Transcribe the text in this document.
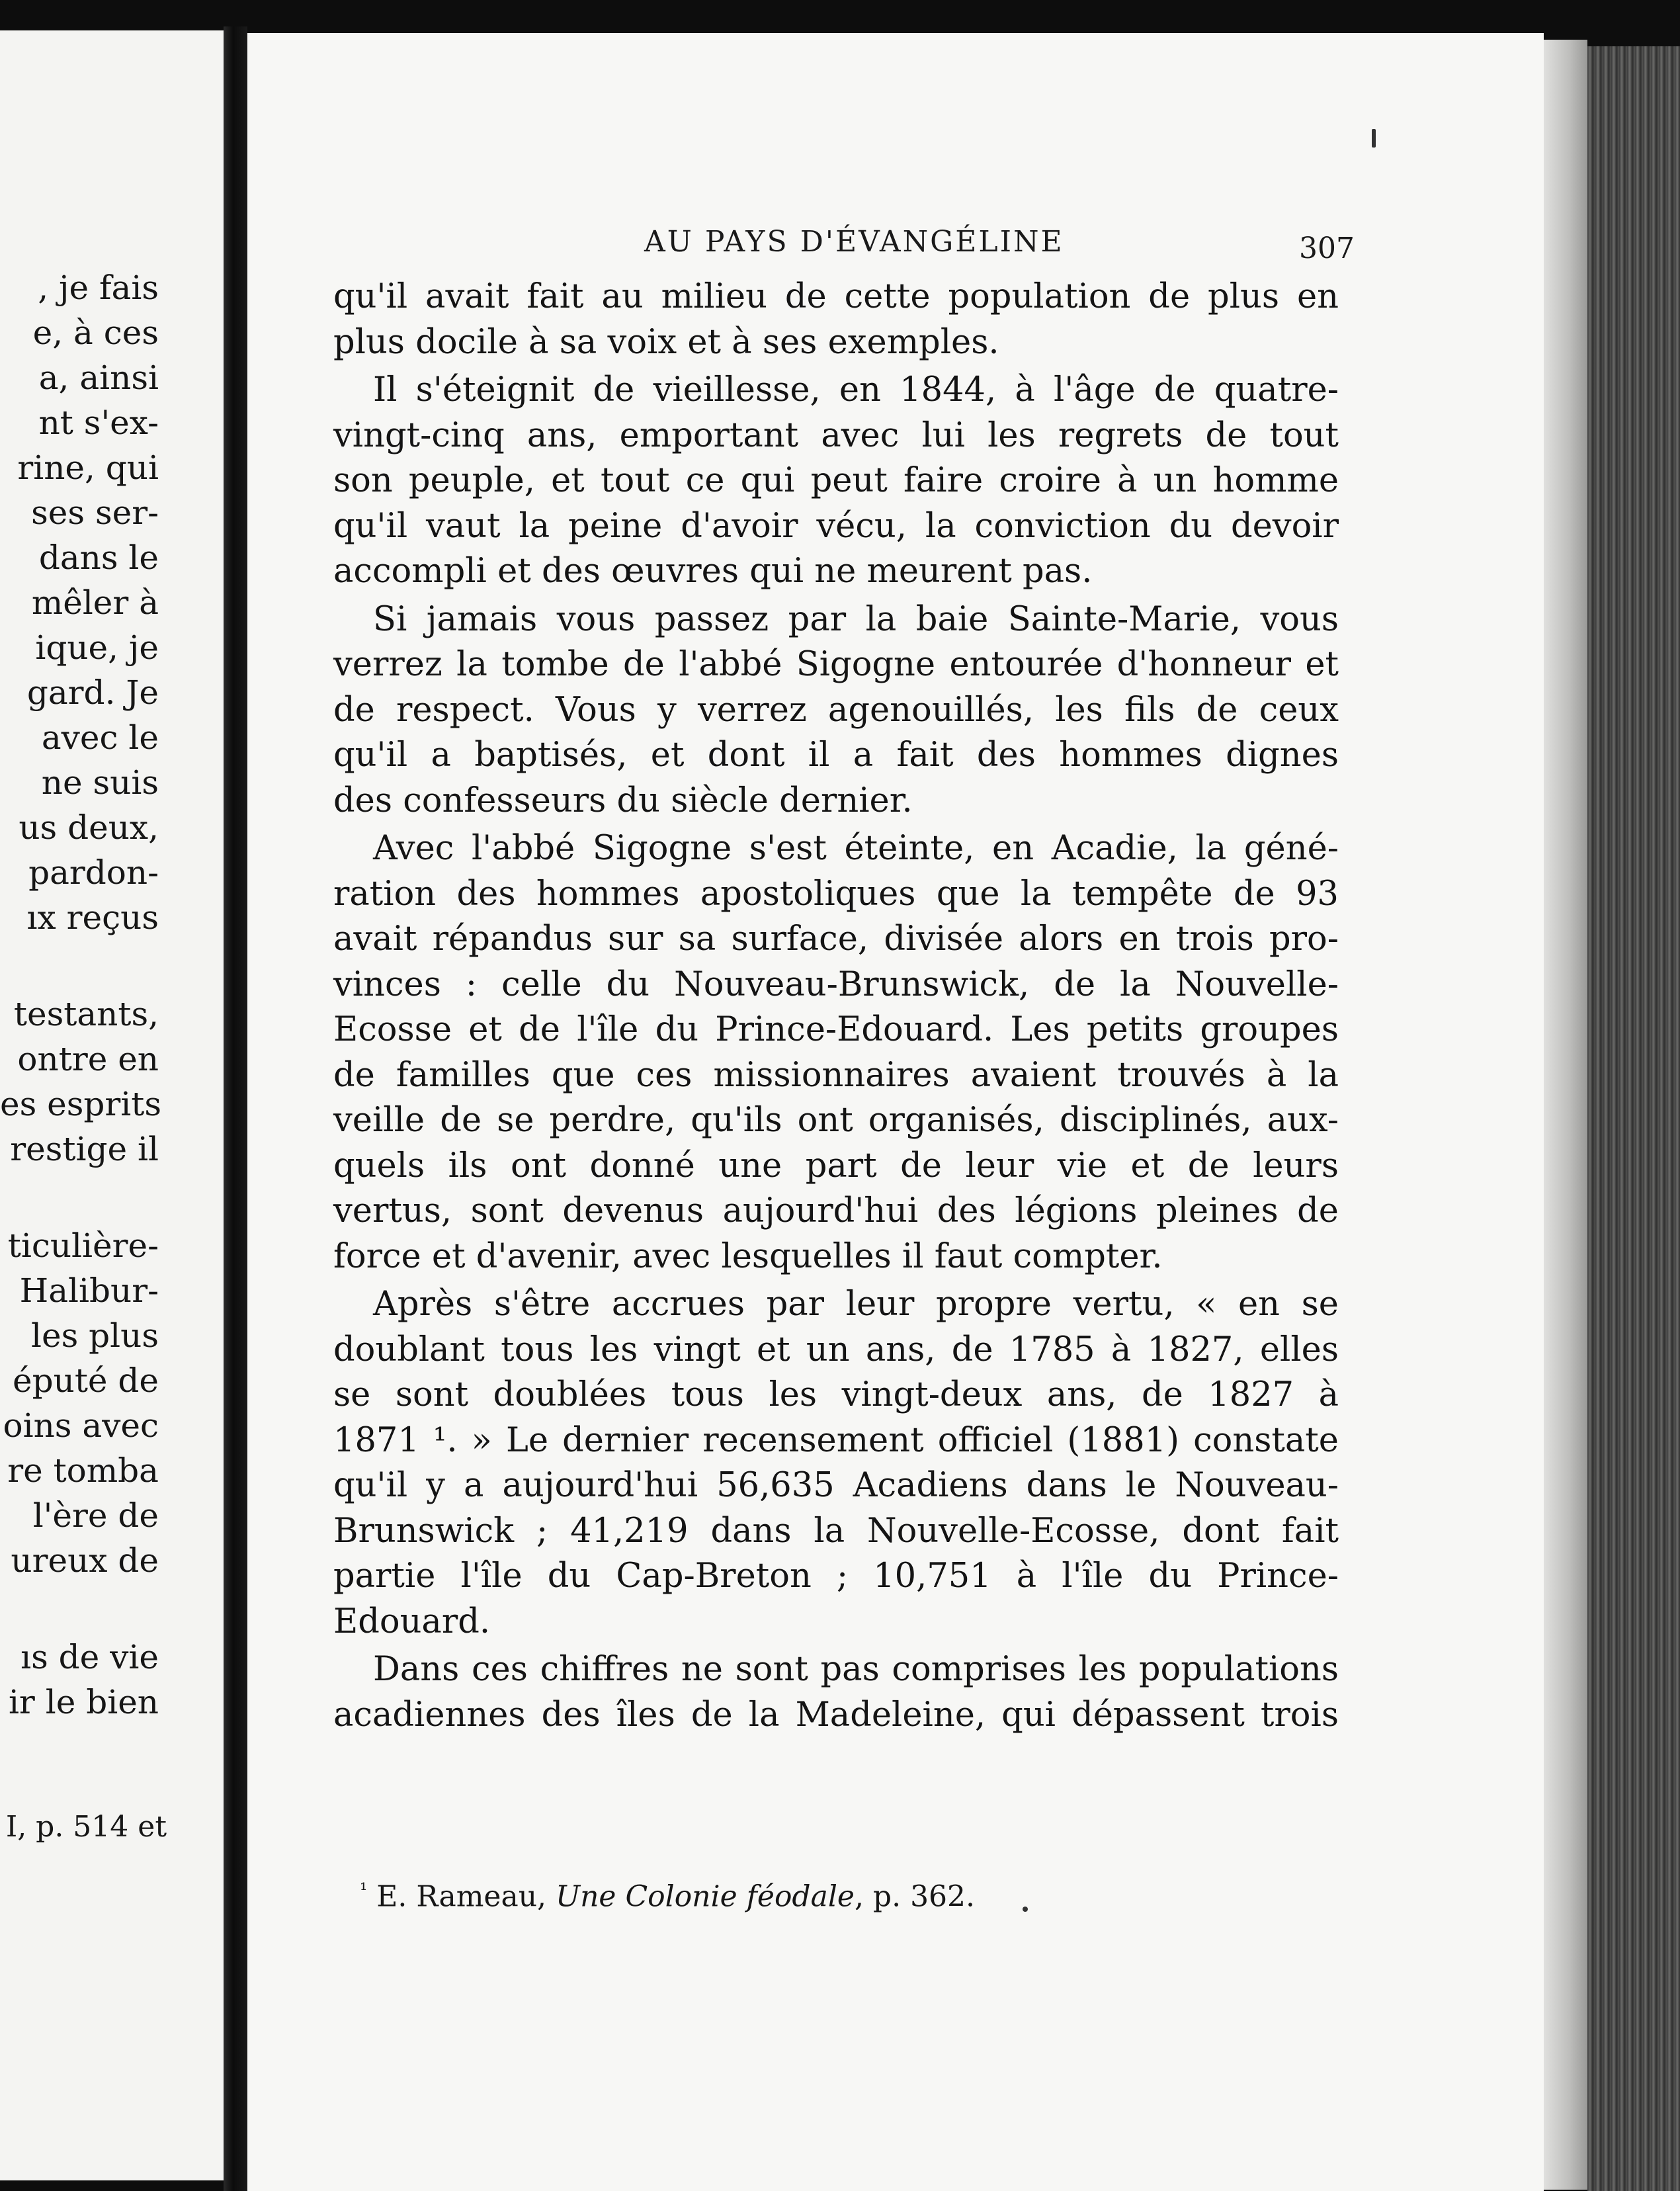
, je fais
e, à ces
a, ainsi
nt s'ex-
rine, qui
ses ser-
dans le
mêler à
ique, je
gard. Je
avec le
ne suis
us deux,
pardon-
ıx reçus
testants,
ontre en
es esprits
restige il
ticulière-
Halibur-
les plus
éputé de
oins avec
re tomba
l'ère de
ureux de
ıs de vie
ir le bien
I, p. 514 et
AU PAYS D'ÉVANGÉLINE	307
qu'il avait fait au milieu de cette population de plus en
plus docile à sa voix et à ses exemples.
Il s'éteignit de vieillesse, en 1844, à l'âge de quatre-
vingt-cinq ans, emportant avec lui les regrets de tout
son peuple, et tout ce qui peut faire croire à un homme
qu'il vaut la peine d'avoir vécu, la conviction du devoir
accompli et des œuvres qui ne meurent pas.
Si jamais vous passez par la baie Sainte-Marie, vous
verrez la tombe de l'abbé Sigogne entourée d'honneur et
de respect. Vous y verrez agenouillés, les fils de ceux
qu'il a baptisés, et dont il a fait des hommes dignes
des confesseurs du siècle dernier.
Avec l'abbé Sigogne s'est éteinte, en Acadie, la géné-
ration des hommes apostoliques que la tempête de 93
avait répandus sur sa surface, divisée alors en trois pro-
vinces : celle du Nouveau-Brunswick, de la Nouvelle-
Ecosse et de l'île du Prince-Edouard. Les petits groupes
de familles que ces missionnaires avaient trouvés à la
veille de se perdre, qu'ils ont organisés, disciplinés, aux-
quels ils ont donné une part de leur vie et de leurs
vertus, sont devenus aujourd'hui des légions pleines de
force et d'avenir, avec lesquelles il faut compter.
Après s'être accrues par leur propre vertu, « en se
doublant tous les vingt et un ans, de 1785 à 1827, elles
se sont doublées tous les vingt-deux ans, de 1827 à
1871 ¹. » Le dernier recensement officiel (1881) constate
qu'il y a aujourd'hui 56,635 Acadiens dans le Nouveau-
Brunswick ; 41,219 dans la Nouvelle-Ecosse, dont fait
partie l'île du Cap-Breton ; 10,751 à l'île du Prince-
Edouard.
Dans ces chiffres ne sont pas comprises les populations
acadiennes des îles de la Madeleine, qui dépassent trois
$^{^1}$ E. Rameau, Une Colonie féodale, p. 362.
